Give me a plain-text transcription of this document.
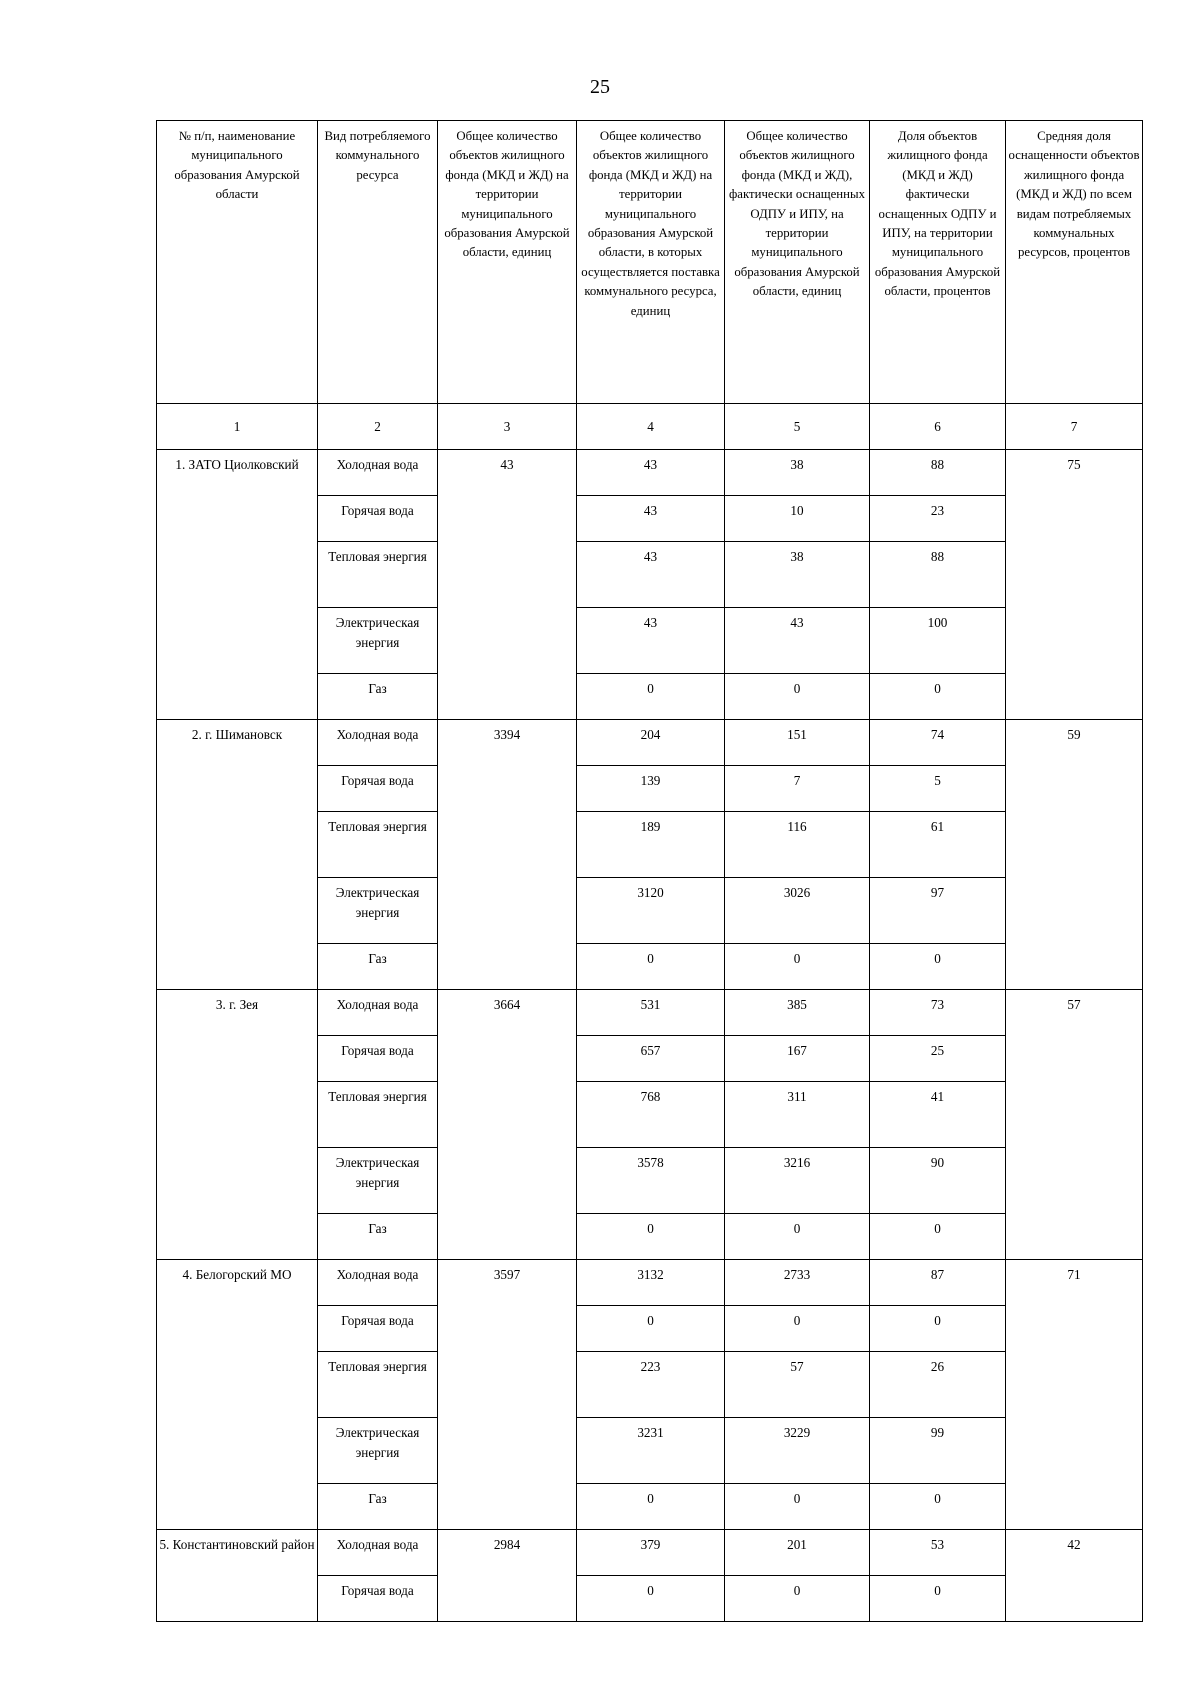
25
№ п/п, наименование муниципального образования Амурской области	Вид потребляемого коммунального ресурса	Общее количество объектов жилищного фонда (МКД и ЖД) на территории муниципального образования Амурской области, единиц	Общее количество объектов жилищного фонда (МКД и ЖД) на территории муниципального образования Амурской области, в которых осуществляется поставка коммунального ресурса, единиц	Общее количество объектов жилищного фонда (МКД и ЖД), фактически оснащенных ОДПУ и ИПУ, на территории муниципального образования Амурской области, единиц	Доля объектов жилищного фонда (МКД и ЖД) фактически оснащенных ОДПУ и ИПУ, на территории муниципального образования Амурской области, процентов	Средняя доля оснащенности объектов жилищного фонда (МКД и ЖД) по всем видам потребляемых коммунальных ресурсов, процентов
1	2	3	4	5	6	7
1. ЗАТО Циолковский	Холодная вода	43	43	38	88	75
	Горячая вода		43	10	23	
	Тепловая энергия		43	38	88	
	Электрическая энергия		43	43	100	
	Газ		0	0	0	
2. г. Шимановск	Холодная вода	3394	204	151	74	59
	Горячая вода		139	7	5	
	Тепловая энергия		189	116	61	
	Электрическая энергия		3120	3026	97	
	Газ		0	0	0	
3. г. Зея	Холодная вода	3664	531	385	73	57
	Горячая вода		657	167	25	
	Тепловая энергия		768	311	41	
	Электрическая энергия		3578	3216	90	
	Газ		0	0	0	
4. Белогорский МО	Холодная вода	3597	3132	2733	87	71
	Горячая вода		0	0	0	
	Тепловая энергия		223	57	26	
	Электрическая энергия		3231	3229	99	
	Газ		0	0	0	
5. Константиновский район	Холодная вода	2984	379	201	53	42
	Горячая вода		0	0	0	
